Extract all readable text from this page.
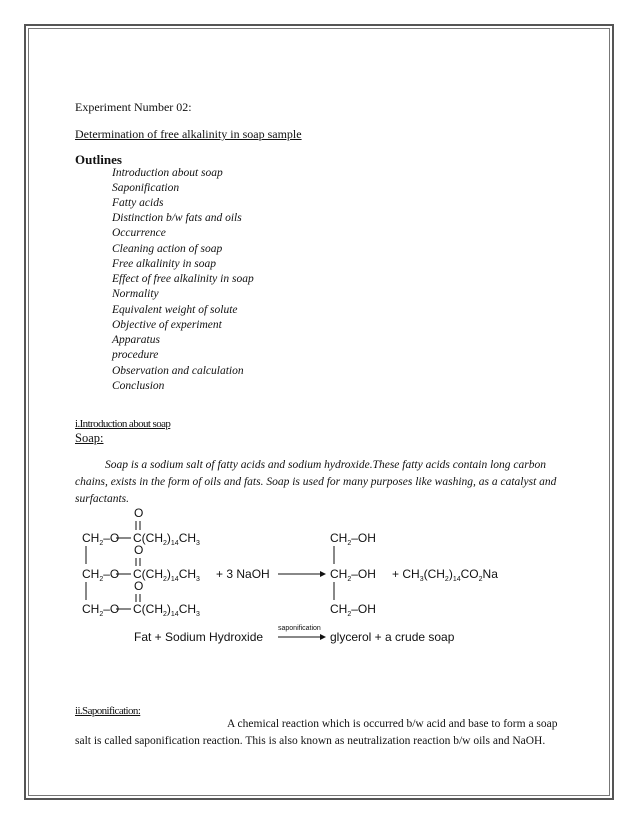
Experiment Number 02:
Determination of free alkalinity in soap sample
Outlines
Introduction about soap
Saponification
Fatty acids
Distinction b/w fats and oils
Occurrence
Cleaning action of soap
Free alkalinity in soap
Effect of free alkalinity in soap
Normality
Equivalent weight of solute
Objective of experiment
Apparatus
procedure
Observation and calculation
Conclusion
i.Introduction about soap
Soap:
Soap is a sodium salt of fatty acids and sodium hydroxide.These fatty acids contain long carbon chains, exists in the form of oils and fats. Soap is used for many purposes like washing, as a catalyst and surfactants.
O
$CH_2-O$ $C(CH_2)_{14}CH_3$
O
$CH_2-O$ $C(CH_2)_{14}CH_3 + 3$ NaOH
O
$CH_2-O$ $C(CH_2)_{14}CH_3$
$CH_2-OH$
$CH_2-OH$
$CH_2-OH$
+ $CH_3(CH_2)_{14}CO_2Na$
Fat + Sodium Hydroxide
saponification
glycerol + a crude soap
ii.Saponification:
A chemical reaction which is occurred b/w acid and base to form a soap
salt is called saponification reaction. This is also known as neutralization reaction b/w oils and NaOH.
